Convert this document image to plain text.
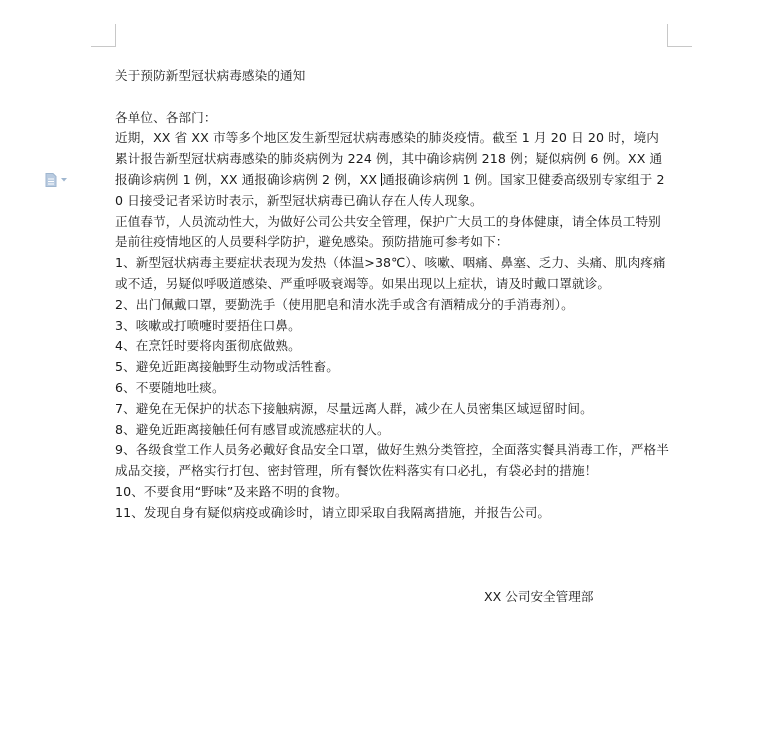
关于预防新型冠状病毒感染的通知

各单位、各部门：

近期，XX 省 XX 市等多个地区发生新型冠状病毒感染的肺炎疫情。截至 1 月 20 日 20 时，境内累计报告新型冠状病毒感染的肺炎病例为 224 例，其中确诊病例 218 例；疑似病例 6 例。XX 通报确诊病例 1 例，XX 通报确诊病例 2 例，XX 通报确诊病例 1 例。国家卫健委高级别专家组于 20 日接受记者采访时表示，新型冠状病毒已确认存在人传人现象。

正值春节，人员流动性大，为做好公司公共安全管理，保护广大员工的身体健康，请全体员工特别是前往疫情地区的人员要科学防护，避免感染。预防措施可参考如下：

1、新型冠状病毒主要症状表现为发热（体温>38℃）、咳嗽、咽痛、鼻塞、乏力、头痛、肌肉疼痛或不适，另疑似呼吸道感染、严重呼吸衰竭等。如果出现以上症状，请及时戴口罩就诊。

2、出门佩戴口罩，要勤洗手（使用肥皂和清水洗手或含有酒精成分的手消毒剂）。

3、咳嗽或打喷嚏时要捂住口鼻。

4、在烹饪时要将肉蛋彻底做熟。

5、避免近距离接触野生动物或活牲畜。

6、不要随地吐痰。

7、避免在无保护的状态下接触病源，尽量远离人群，减少在人员密集区域逗留时间。

8、避免近距离接触任何有感冒或流感症状的人。

9、各级食堂工作人员务必戴好食品安全口罩，做好生熟分类管控，全面落实餐具消毒工作，严格半成品交接，严格实行打包、密封管理，所有餐饮佐料落实有口必扎，有袋必封的措施！

10、不要食用“野味”及来路不明的食物。

11、发现自身有疑似病疫或确诊时，请立即采取自我隔离措施，并报告公司。

XX 公司安全管理部
